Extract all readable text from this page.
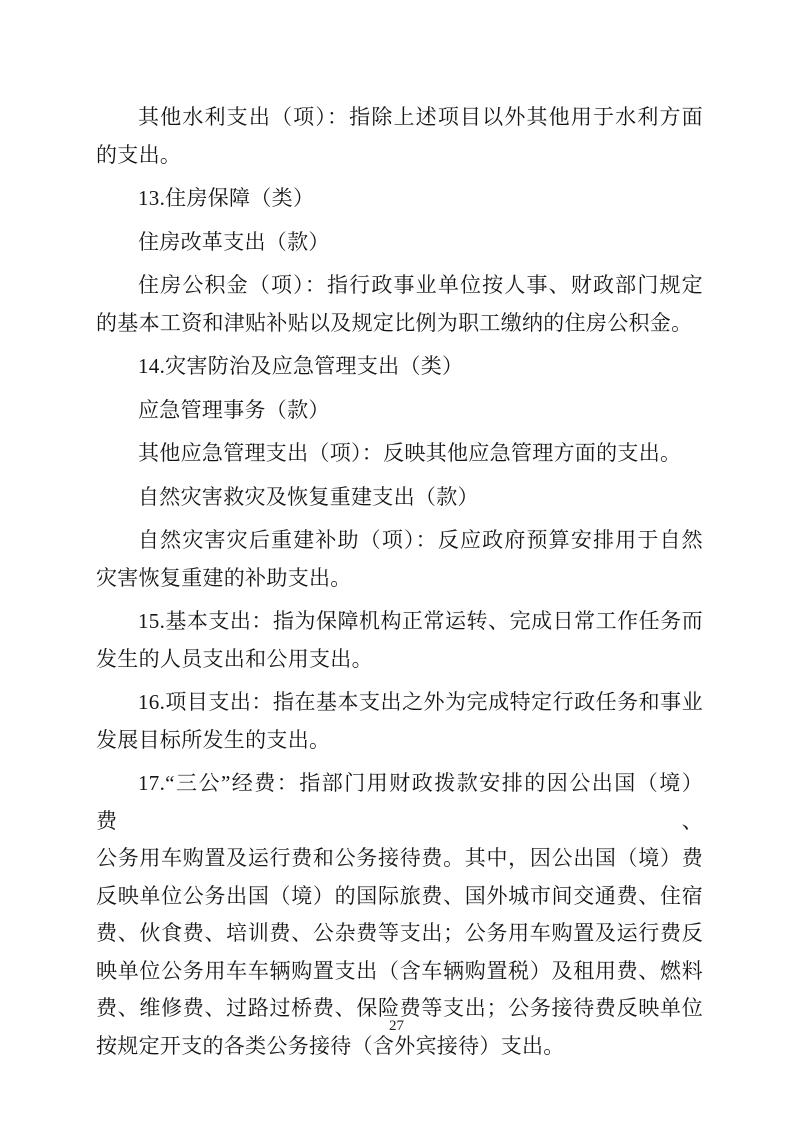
其他水利支出（项）：指除上述项目以外其他用于水利方面
的支出。
13.住房保障（类）
住房改革支出（款）
住房公积金（项）：指行政事业单位按人事、财政部门规定
的基本工资和津贴补贴以及规定比例为职工缴纳的住房公积金。
14.灾害防治及应急管理支出（类）
应急管理事务（款）
其他应急管理支出（项）：反映其他应急管理方面的支出。
自然灾害救灾及恢复重建支出（款）
自然灾害灾后重建补助（项）：反应政府预算安排用于自然
灾害恢复重建的补助支出。
15.基本支出：指为保障机构正常运转、完成日常工作任务而
发生的人员支出和公用支出。
16.项目支出：指在基本支出之外为完成特定行政任务和事业
发展目标所发生的支出。
17.“三公”经费：指部门用财政拨款安排的因公出国（境）费、
公务用车购置及运行费和公务接待费。其中，因公出国（境）费
反映单位公务出国（境）的国际旅费、国外城市间交通费、住宿
费、伙食费、培训费、公杂费等支出；公务用车购置及运行费反
映单位公务用车车辆购置支出（含车辆购置税）及租用费、燃料
费、维修费、过路过桥费、保险费等支出；公务接待费反映单位
按规定开支的各类公务接待（含外宾接待）支出。
27
